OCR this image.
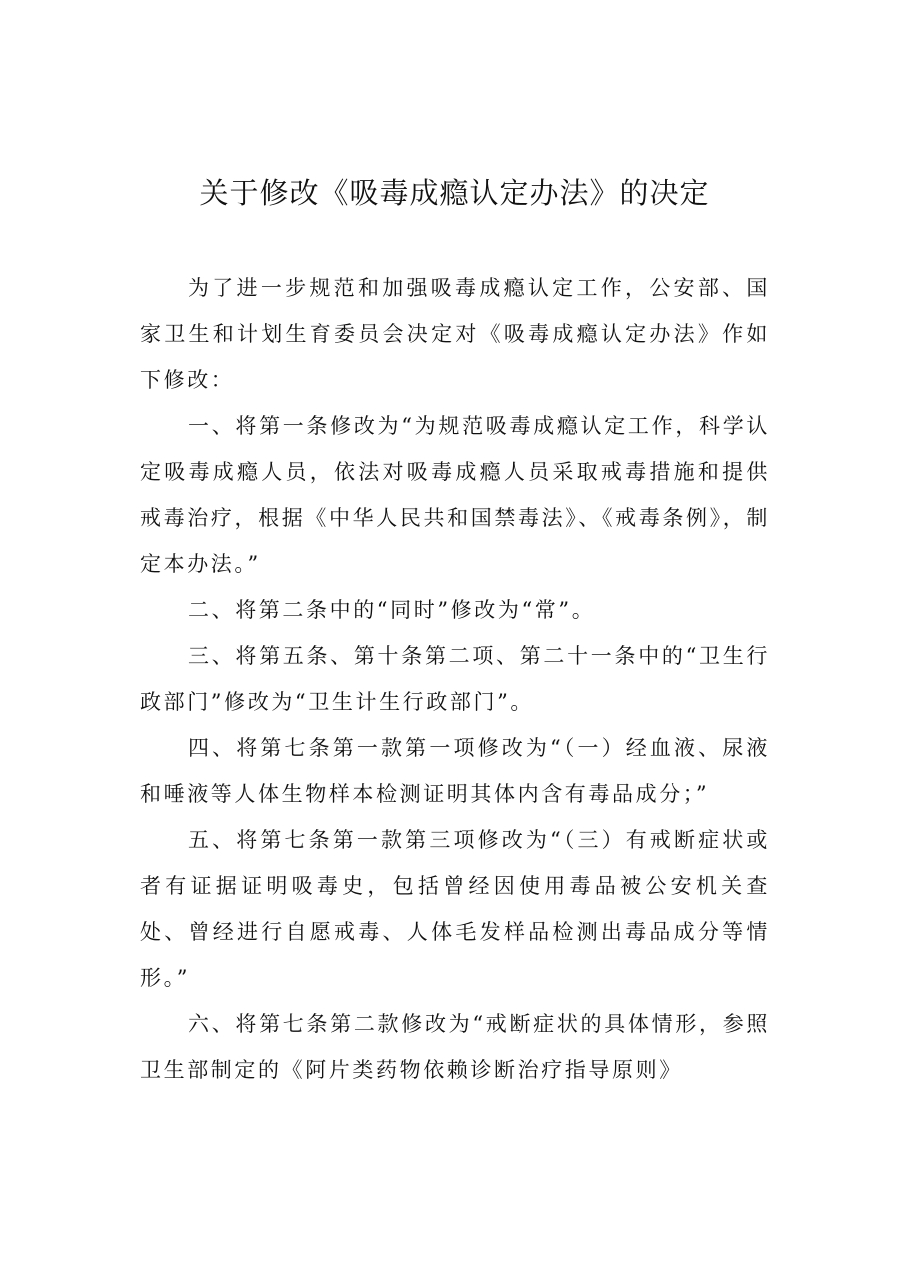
关于修改《吸毒成瘾认定办法》的决定

为了进一步规范和加强吸毒成瘾认定工作，公安部、国家卫生和计划生育委员会决定对《吸毒成瘾认定办法》作如下修改：

一、将第一条修改为“为规范吸毒成瘾认定工作，科学认定吸毒成瘾人员，依法对吸毒成瘾人员采取戒毒措施和提供戒毒治疗，根据《中华人民共和国禁毒法》、《戒毒条例》，制定本办法。”

二、将第二条中的“同时”修改为“常”。

三、将第五条、第十条第二项、第二十一条中的“卫生行政部门”修改为“卫生计生行政部门”。

四、将第七条第一款第一项修改为“（一）经血液、尿液和唾液等人体生物样本检测证明其体内含有毒品成分；”

五、将第七条第一款第三项修改为“（三）有戒断症状或者有证据证明吸毒史，包括曾经因使用毒品被公安机关查处、曾经进行自愿戒毒、人体毛发样品检测出毒品成分等情形。”

六、将第七条第二款修改为“戒断症状的具体情形，参照卫生部制定的《阿片类药物依赖诊断治疗指导原则》
